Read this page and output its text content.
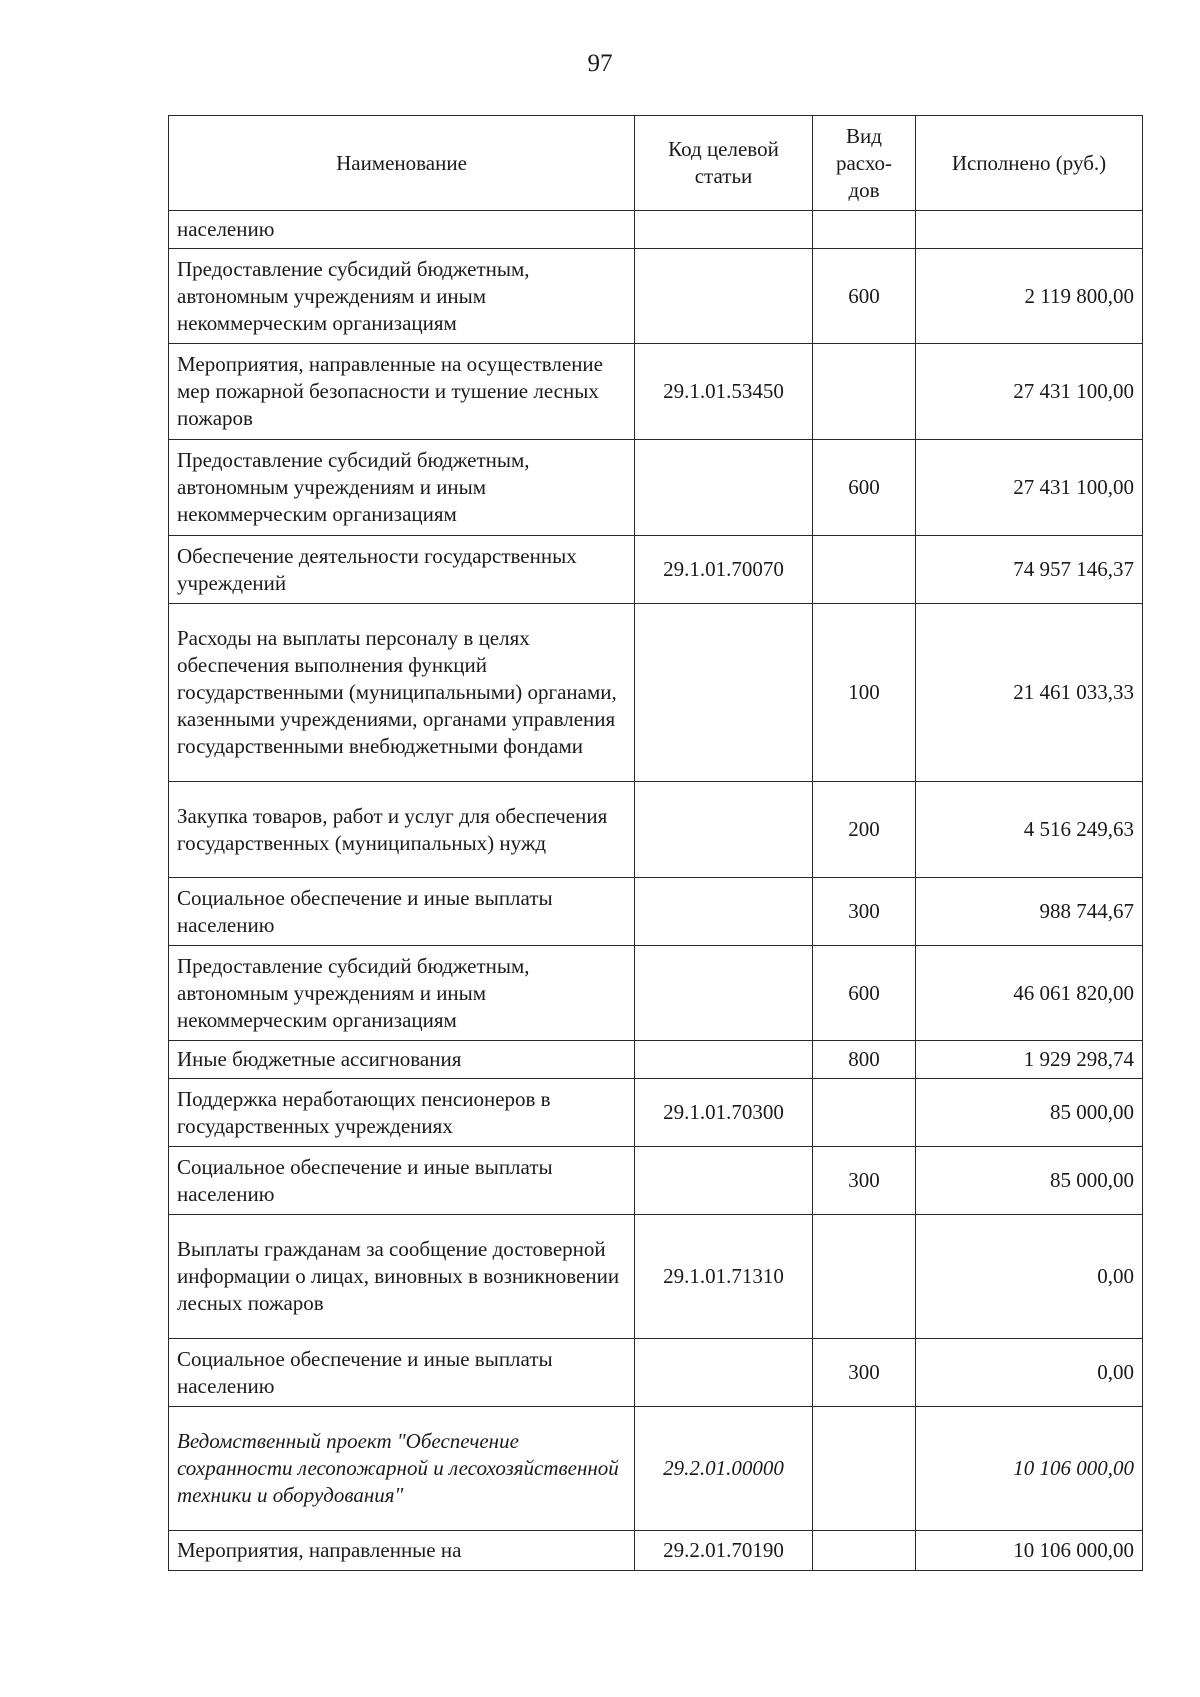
97
Наименование	Код целевой статьи	Вид расхо-дов	Исполнено (руб.)
населению			
Предоставление субсидий бюджетным, автономным учреждениям и иным некоммерческим организациям		600	2 119 800,00
Мероприятия, направленные на осуществление мер пожарной безопасности и тушение лесных пожаров	29.1.01.53450		27 431 100,00
Предоставление субсидий бюджетным, автономным учреждениям и иным некоммерческим организациям		600	27 431 100,00
Обеспечение деятельности государственных учреждений	29.1.01.70070		74 957 146,37
Расходы на выплаты персоналу в целях обеспечения выполнения функций государственными (муниципальными) органами, казенными учреждениями, органами управления государственными внебюджетными фондами		100	21 461 033,33
Закупка товаров, работ и услуг для обеспечения государственных (муниципальных) нужд		200	4 516 249,63
Социальное обеспечение и иные выплаты населению		300	988 744,67
Предоставление субсидий бюджетным, автономным учреждениям и иным некоммерческим организациям		600	46 061 820,00
Иные бюджетные ассигнования		800	1 929 298,74
Поддержка неработающих пенсионеров в государственных учреждениях	29.1.01.70300		85 000,00
Социальное обеспечение и иные выплаты населению		300	85 000,00
Выплаты гражданам за сообщение достоверной информации о лицах, виновных в возникновении лесных пожаров	29.1.01.71310		0,00
Социальное обеспечение и иные выплаты населению		300	0,00
Ведомственный проект "Обеспечение сохранности лесопожарной и лесохозяйственной техники и оборудования"	29.2.01.00000		10 106 000,00
Мероприятия, направленные на	29.2.01.70190		10 106 000,00
